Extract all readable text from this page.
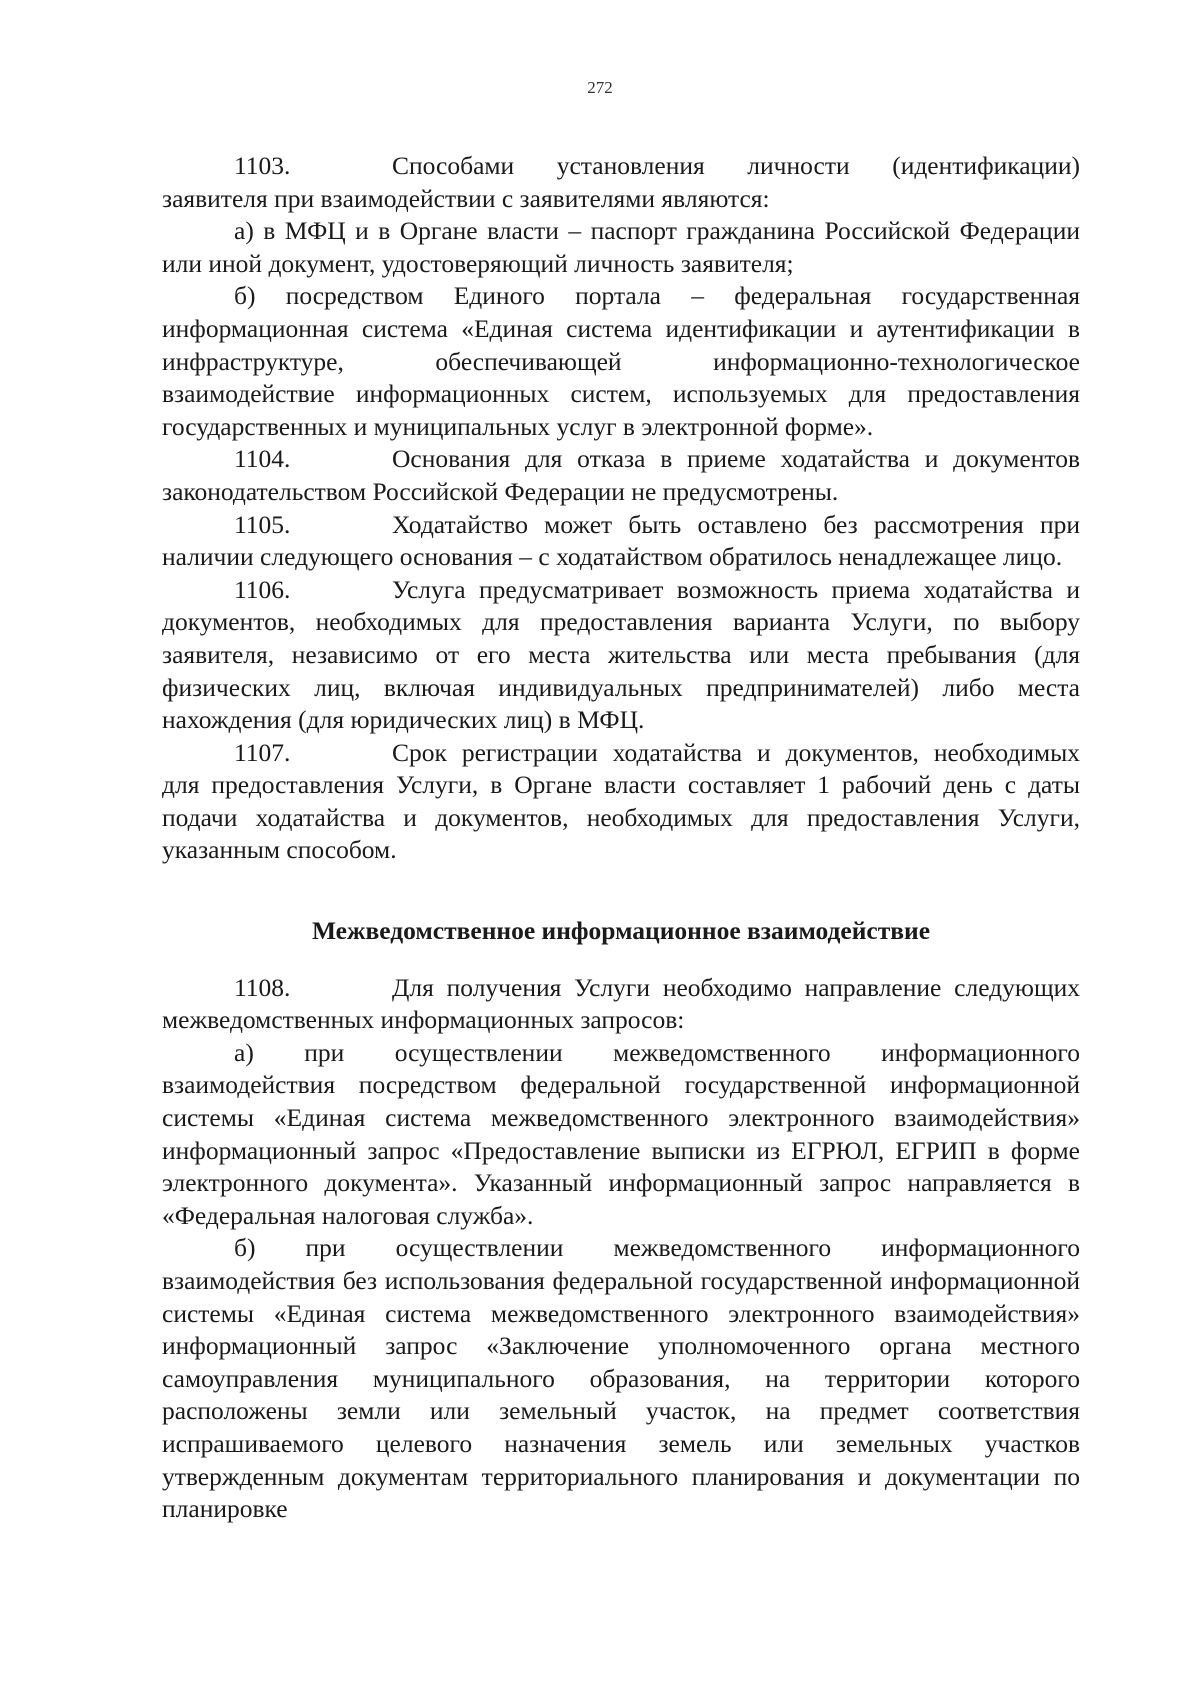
272

1103.	Способами установления личности (идентификации) заявителя при взаимодействии с заявителями являются:

а) в МФЦ и в Органе власти – паспорт гражданина Российской Федерации или иной документ, удостоверяющий личность заявителя;

б) посредством Единого портала – федеральная государственная информационная система «Единая система идентификации и аутентификации в инфраструктуре, обеспечивающей информационно-технологическое взаимодействие информационных систем, используемых для предоставления государственных и муниципальных услуг в электронной форме».

1104.	Основания для отказа в приеме ходатайства и документов законодательством Российской Федерации не предусмотрены.

1105.	Ходатайство может быть оставлено без рассмотрения при наличии следующего основания – с ходатайством обратилось ненадлежащее лицо.

1106.	Услуга предусматривает возможность приема ходатайства и документов, необходимых для предоставления варианта Услуги, по выбору заявителя, независимо от его места жительства или места пребывания (для физических лиц, включая индивидуальных предпринимателей) либо места нахождения (для юридических лиц) в МФЦ.

1107.	Срок регистрации ходатайства и документов, необходимых для предоставления Услуги, в Органе власти составляет 1 рабочий день с даты подачи ходатайства и документов, необходимых для предоставления Услуги, указанным способом.

Межведомственное информационное взаимодействие

1108.	Для получения Услуги необходимо направление следующих межведомственных информационных запросов:

а) при осуществлении межведомственного информационного взаимодействия посредством федеральной государственной информационной системы «Единая система межведомственного электронного взаимодействия» информационный запрос «Предоставление выписки из ЕГРЮЛ, ЕГРИП в форме электронного документа». Указанный информационный запрос направляется в «Федеральная налоговая служба».

б) при осуществлении межведомственного информационного взаимодействия без использования федеральной государственной информационной системы «Единая система межведомственного электронного взаимодействия» информационный запрос «Заключение уполномоченного органа местного самоуправления муниципального образования, на территории которого расположены земли или земельный участок, на предмет соответствия испрашиваемого целевого назначения земель или земельных участков утвержденным документам территориального планирования и документации по планировке
